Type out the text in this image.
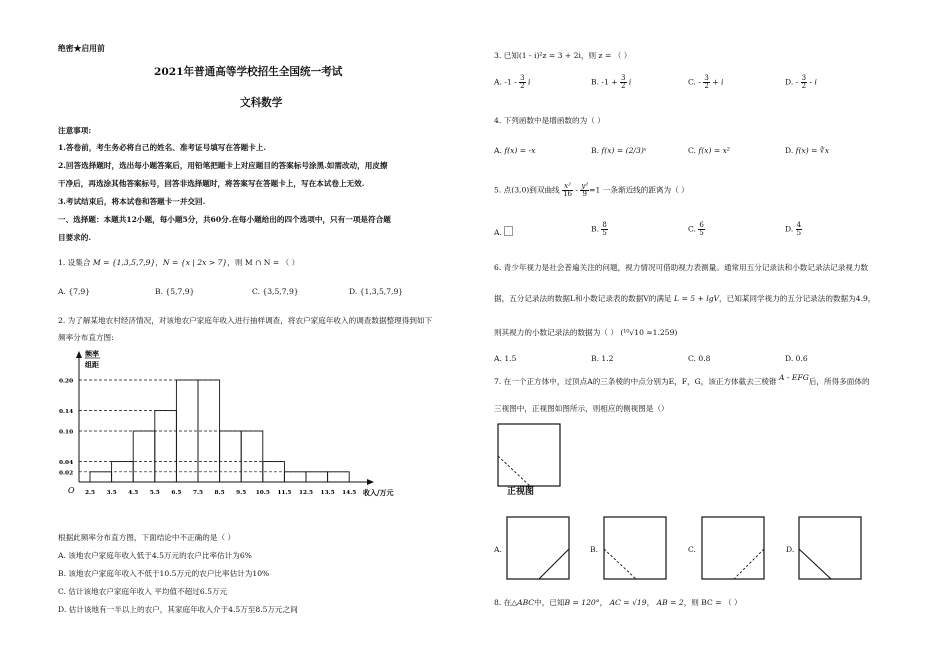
绝密★启用前
2021年普通高等学校招生全国统一考试
文科数学
注意事项:
1.答卷前，考生务必将自己的姓名、准考证号填写在答题卡上.
2.回答选择题时，选出每小题答案后，用铅笔把题卡上对应题目的答案标号涂黑.如需改动，用皮擦
干净后，再选涂其他答案标号，回答非选择题时，将答案写在答题卡上，写在本试卷上无效.
3.考试结束后，将本试卷和答题卡一并交回.
一、选择题：本题共12小题，每小题5分，共60分.在每小题给出的四个选项中，只有一项是符合题
目要求的.
1. 设集合 M = {1,3,5,7,9}，N = {x | 2x > 7}，则 M ∩ N = （ ）
A. {7,9}	B. {5,7,9}	C. {3,5,7,9}	D. {1,3,5,7,9}
2. 为了解某地农村经济情况，对该地农户家庭年收入进行抽样调查，将农户家庭年收入的调查数据整理得到如下
频率分布直方图:
频率
组距
收入/万元
O
0.20
0.14
0.10
0.04
0.02
2.5 3.5 4.5 5.5 6.5 7.5 8.5 9.5 10.5 11.5 12.5 13.5 14.5
根据此频率分布直方图，下面结论中不正确的是（ ）
A. 该地农户家庭年收入低于4.5万元的农户比率估计为6%
B. 该地农户家庭年收入不低于10.5万元的农户比率估计为10%
C. 估计该地农户家庭年收入 平均值不超过6.5万元
D. 估计该地有一半以上的农户，其家庭年收入介于4.5万至8.5万元之间
3. 已知(1 - i)²z = 3 + 2i，则 z = （ ）
A. $-1 - \frac{3}{2}$ i	B. $-1 + \frac{3}{2}$ i	C. - $\frac{3}{2} + i$	D. - $\frac{3}{2}$ - i
4. 下列函数中是增函数的为（ ）
A. f(x) = -x	B. f(x) = (2/3)ˣ	C. f(x) = x²	D. f(x) = ∛x
5. 点(3,0)到双曲线 $\frac{\text{x²}}{16} - \frac{\text{y²}}{9} =1$ 一条渐近线的距离为（ ）
A.	B. $\frac{8}{5}$	C. $\frac{6}{5}$	D. $\frac{4}{5}$
6. 青少年视力是社会普遍关注的问题，视力情况可借助视力表测量。通常用五分记录法和小数记录法记录视力数
据，五分记录法的数据L和小数记录表的数据V的满足 L = 5 + lgV，已知某同学视力的五分记录法的数据为4.9，
则其视力的小数记录法的数据为（ ） (¹⁰√10 ≈1.259)
A. 1.5	B. 1.2	C. 0.8	D. 0.6
7. 在一个正方体中，过顶点A的三条棱的中点分别为E，F，G，该正方体截去三棱锥 A - EFG后，所得多面体的
三视图中，正视图如图所示，则相应的侧视图是（）
正视图
A.	B.	C.	D.
8. 在△ABC中，已知B = 120°， AC = √19， AB = 2，则 BC = （ ）
